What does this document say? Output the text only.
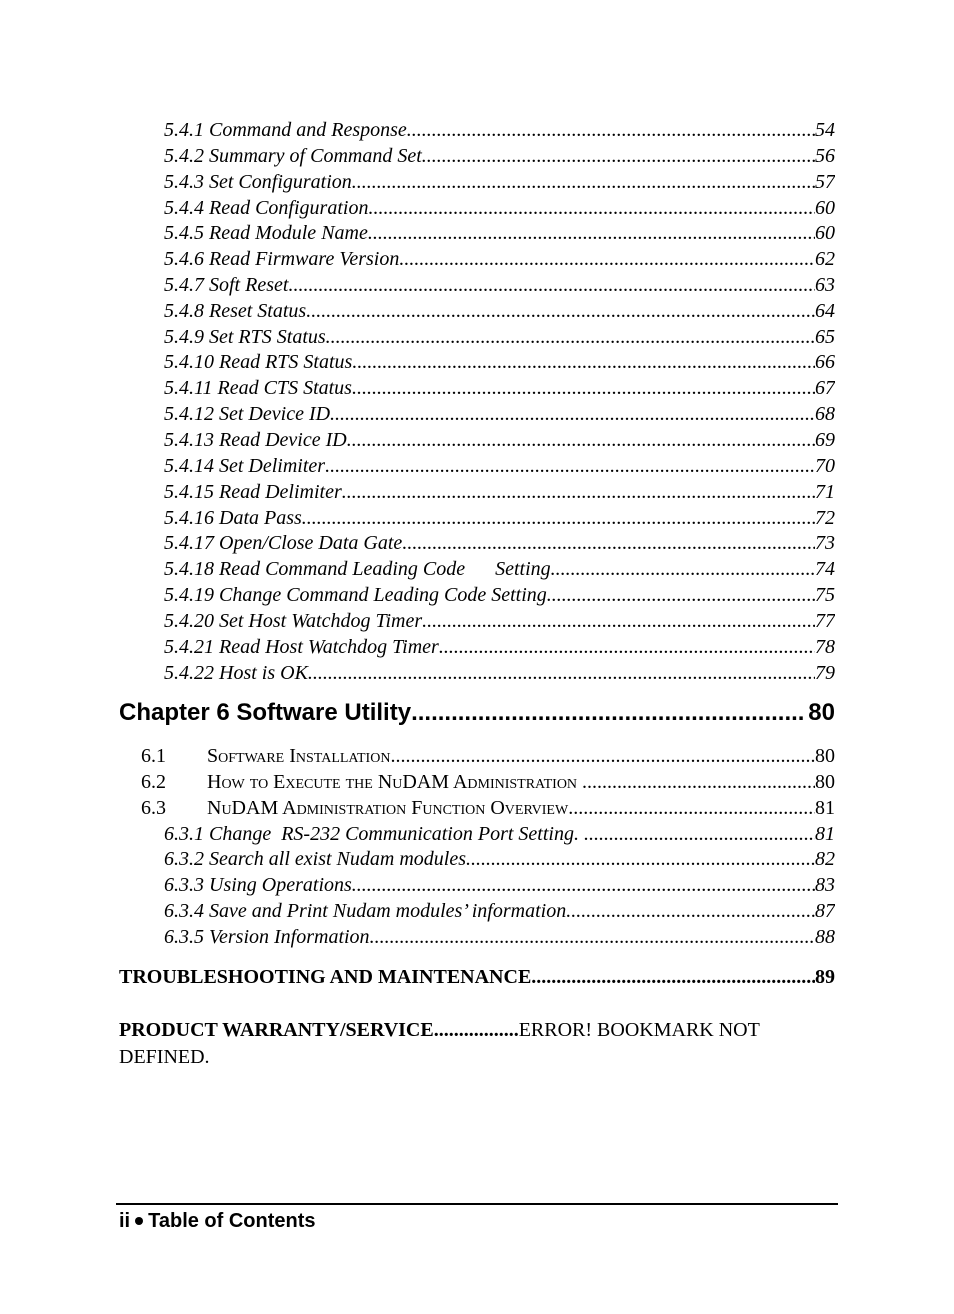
5.4.1 Command and Response .....	54
5.4.2 Summary of Command Set .....	56
5.4.3 Set Configuration .....	57
5.4.4 Read Configuration .....	60
5.4.5 Read Module Name .....	60
5.4.6 Read Firmware Version .....	62
5.4.7 Soft Reset .....	63
5.4.8 Reset Status .....	64
5.4.9 Set RTS Status .....	65
5.4.10 Read RTS Status .....	66
5.4.11 Read CTS Status .....	67
5.4.12 Set Device ID .....	68
5.4.13 Read Device ID .....	69
5.4.14 Set Delimiter .....	70
5.4.15 Read Delimiter .....	71
5.4.16 Data Pass .....	72
5.4.17 Open/Close Data Gate .....	73
5.4.18 Read Command Leading Code      Setting .....	74
5.4.19 Change Command Leading Code Setting .....	75
5.4.20 Set Host Watchdog Timer .....	77
5.4.21 Read Host Watchdog Timer .....	78
5.4.22 Host is OK .....	79
Chapter 6 Software Utility .....	80
6.1 Software Installation .....	80
6.2 How to Execute the NuDAM Administration .....	80
6.3 NuDAM Administration Function Overview .....	81
6.3.1 Change  RS-232 Communication Port Setting. .....	81
6.3.2 Search all exist Nudam modules .....	82
6.3.3 Using Operations .....	83
6.3.4 Save and Print Nudam modules’ information .....	87
6.3.5 Version Information .....	88
TROUBLESHOOTING AND MAINTENANCE .....	89
PRODUCT WARRANTY/SERVICE.................ERROR! BOOKMARK NOT DEFINED.
ii Table of Contents
